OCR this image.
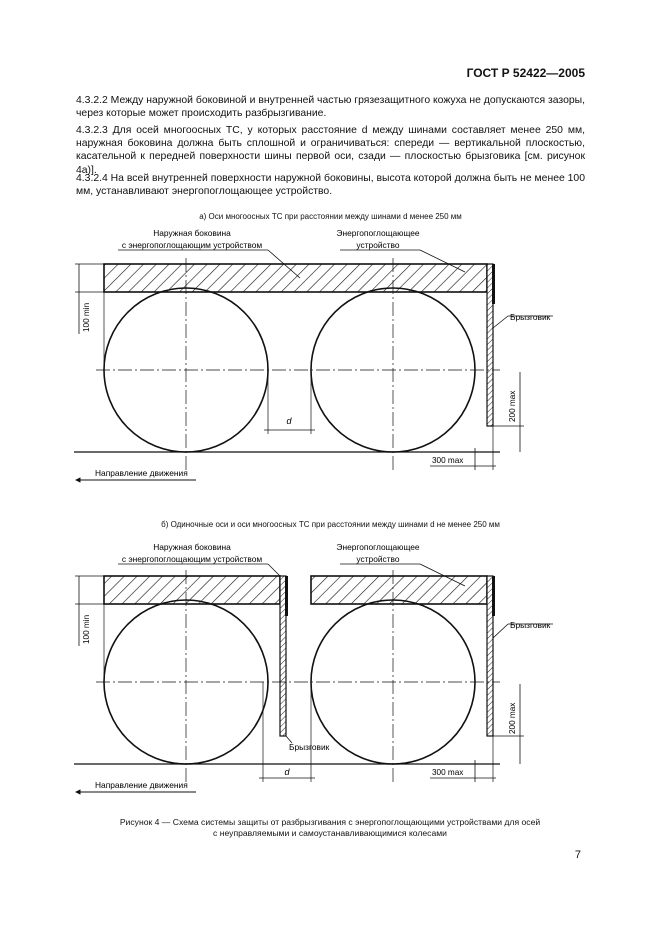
ГОСТ Р 52422—2005

4.3.2.2 Между наружной боковиной и внутренней частью грязезащитного кожуха не допускаются зазоры, через которые может происходить разбрызгивание.

4.3.2.3 Для осей многоосных ТС, у которых расстояние d между шинами составляет менее 250 мм, наружная боковина должна быть сплошной и ограничиваться: спереди — вертикальной плоскостью, касательной к передней поверхности шины первой оси, сзади — плоскостью брызговика [см. рисунок 4а)].

4.3.2.4 На всей внутренней поверхности наружной боковины, высота которой должна быть не менее 100 мм, устанавливают энергопоглощающее устройство.

а) Оси многоосных ТС при расстоянии между шинами d менее 250 мм
Наружная боковина
с энергопоглощающим устройством
Энергопоглощающее
устройство
100 min
d
Брызговик
200 max
300 max
Направление движения
Наружная боковина
с энергопоглощающим устройством
Энергопоглощающее
устройство
100 min
Брызговик
d
Брызговик
200 max
300 max
Направление движения
б) Одиночные оси и оси многоосных ТС при расстоянии между шинами d не менее 250 мм
Рисунок 4 — Схема системы защиты от разбрызгивания с энергопоглощающими устройствами для осей
с неуправляемыми и самоустанавливающимися колесами
7
